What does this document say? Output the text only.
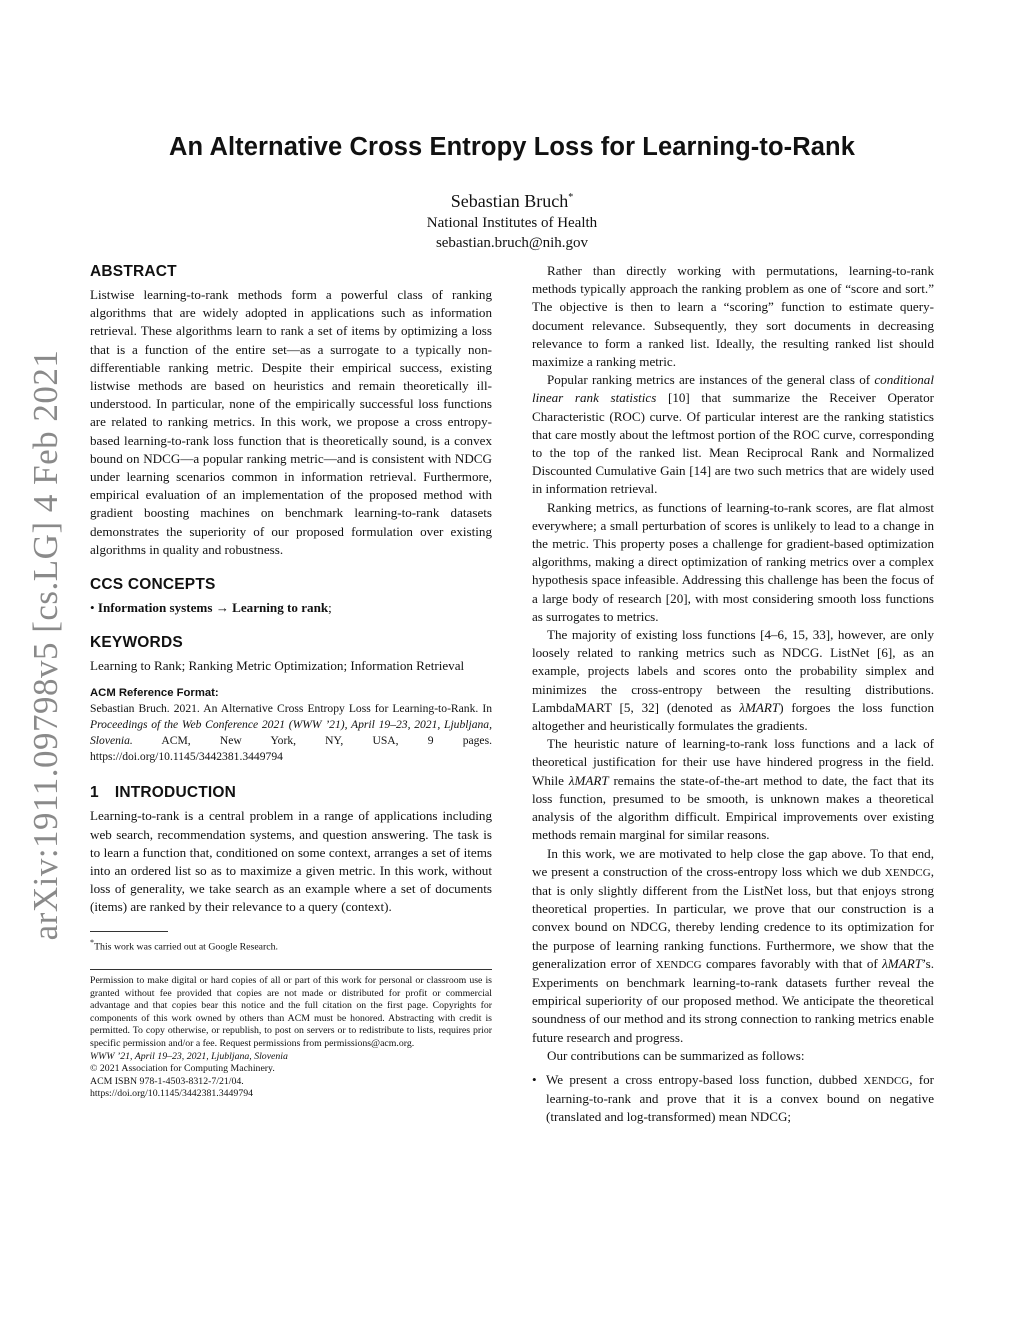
arXiv:1911.09798v5 [cs.LG] 4 Feb 2021
An Alternative Cross Entropy Loss for Learning-to-Rank
Sebastian Bruch*
National Institutes of Health
sebastian.bruch@nih.gov
ABSTRACT

Listwise learning-to-rank methods form a powerful class of ranking algorithms that are widely adopted in applications such as information retrieval. These algorithms learn to rank a set of items by optimizing a loss that is a function of the entire set—as a surrogate to a typically non-differentiable ranking metric. Despite their empirical success, existing listwise methods are based on heuristics and remain theoretically ill-understood. In particular, none of the empirically successful loss functions are related to ranking metrics. In this work, we propose a cross entropy-based learning-to-rank loss function that is theoretically sound, is a convex bound on NDCG—a popular ranking metric—and is consistent with NDCG under learning scenarios common in information retrieval. Furthermore, empirical evaluation of an implementation of the proposed method with gradient boosting machines on benchmark learning-to-rank datasets demonstrates the superiority of our proposed formulation over existing algorithms in quality and robustness.

CCS CONCEPTS

• Information systems → Learning to rank;

KEYWORDS

Learning to Rank; Ranking Metric Optimization; Information Retrieval

ACM Reference Format:

Sebastian Bruch. 2021. An Alternative Cross Entropy Loss for Learning-to-Rank. In Proceedings of the Web Conference 2021 (WWW ’21), April 19–23, 2021, Ljubljana, Slovenia. ACM, New York, NY, USA, 9 pages. https://doi.org/10.1145/3442381.3449794

1 INTRODUCTION

Learning-to-rank is a central problem in a range of applications including web search, recommendation systems, and question answering. The task is to learn a function that, conditioned on some context, arranges a set of items into an ordered list so as to maximize a given metric. In this work, without loss of generality, we take search as an example where a set of documents (items) are ranked by their relevance to a query (context).

*This work was carried out at Google Research.

Permission to make digital or hard copies of all or part of this work for personal or classroom use is granted without fee provided that copies are not made or distributed for profit or commercial advantage and that copies bear this notice and the full citation on the first page. Copyrights for components of this work owned by others than ACM must be honored. Abstracting with credit is permitted. To copy otherwise, or republish, to post on servers or to redistribute to lists, requires prior specific permission and/or a fee. Request permissions from permissions@acm.org.

WWW ’21, April 19–23, 2021, Ljubljana, Slovenia
© 2021 Association for Computing Machinery.
ACM ISBN 978-1-4503-8312-7/21/04.
https://doi.org/10.1145/3442381.3449794

Rather than directly working with permutations, learning-to-rank methods typically approach the ranking problem as one of “score and sort.” The objective is then to learn a “scoring” function to estimate query-document relevance. Subsequently, they sort documents in decreasing relevance to form a ranked list. Ideally, the resulting ranked list should maximize a ranking metric.

Popular ranking metrics are instances of the general class of conditional linear rank statistics [10] that summarize the Receiver Operator Characteristic (ROC) curve. Of particular interest are the ranking statistics that care mostly about the leftmost portion of the ROC curve, corresponding to the top of the ranked list. Mean Reciprocal Rank and Normalized Discounted Cumulative Gain [14] are two such metrics that are widely used in information retrieval.

Ranking metrics, as functions of learning-to-rank scores, are flat almost everywhere; a small perturbation of scores is unlikely to lead to a change in the metric. This property poses a challenge for gradient-based optimization algorithms, making a direct optimization of ranking metrics over a complex hypothesis space infeasible. Addressing this challenge has been the focus of a large body of research [20], with most considering smooth loss functions as surrogates to metrics.

The majority of existing loss functions [4–6, 15, 33], however, are only loosely related to ranking metrics such as NDCG. ListNet [6], as an example, projects labels and scores onto the probability simplex and minimizes the cross-entropy between the resulting distributions. LambdaMART [5, 32] (denoted as λMART) forgoes the loss function altogether and heuristically formulates the gradients.

The heuristic nature of learning-to-rank loss functions and a lack of theoretical justification for their use have hindered progress in the field. While λMART remains the state-of-the-art method to date, the fact that its loss function, presumed to be smooth, is unknown makes a theoretical analysis of the algorithm difficult. Empirical improvements over existing methods remain marginal for similar reasons.

In this work, we are motivated to help close the gap above. To that end, we present a construction of the cross-entropy loss which we dub XENDCG, that is only slightly different from the ListNet loss, but that enjoys strong theoretical properties. In particular, we prove that our construction is a convex bound on NDCG, thereby lending credence to its optimization for the purpose of learning ranking functions. Furthermore, we show that the generalization error of XENDCG compares favorably with that of λMART’s. Experiments on benchmark learning-to-rank datasets further reveal the empirical superiority of our proposed method. We anticipate the theoretical soundness of our method and its strong connection to ranking metrics enable future research and progress.

Our contributions can be summarized as follows:

• We present a cross entropy-based loss function, dubbed XENDCG, for learning-to-rank and prove that it is a convex bound on negative (translated and log-transformed) mean NDCG;
